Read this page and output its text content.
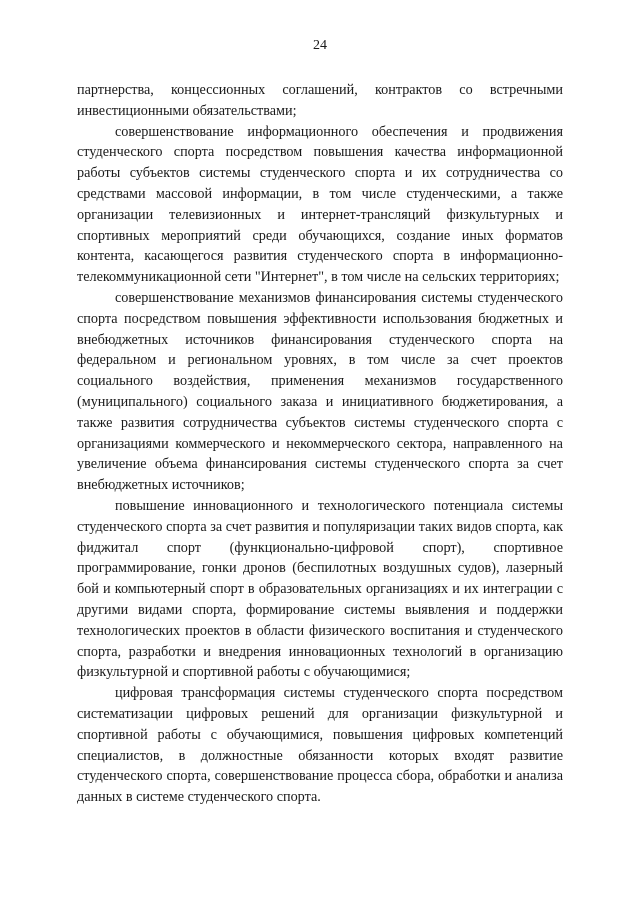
24

партнерства, концессионных соглашений, контрактов со встречными инвестиционными обязательствами;

совершенствование информационного обеспечения и продвижения студенческого спорта посредством повышения качества информационной работы субъектов системы студенческого спорта и их сотрудничества со средствами массовой информации, в том числе студенческими, а также организации телевизионных и интернет-трансляций физкультурных и спортивных мероприятий среди обучающихся, создание иных форматов контента, касающегося развития студенческого спорта в информационно-телекоммуникационной сети "Интернет", в том числе на сельских территориях;

совершенствование механизмов финансирования системы студенческого спорта посредством повышения эффективности использования бюджетных и внебюджетных источников финансирования студенческого спорта на федеральном и региональном уровнях, в том числе за счет проектов социального воздействия, применения механизмов государственного (муниципального) социального заказа и инициативного бюджетирования, а также развития сотрудничества субъектов системы студенческого спорта с организациями коммерческого и некоммерческого сектора, направленного на увеличение объема финансирования системы студенческого спорта за счет внебюджетных источников;

повышение инновационного и технологического потенциала системы студенческого спорта за счет развития и популяризации таких видов спорта, как фиджитал спорт (функционально-цифровой спорт), спортивное программирование, гонки дронов (беспилотных воздушных судов), лазерный бой и компьютерный спорт в образовательных организациях и их интеграции с другими видами спорта, формирование системы выявления и поддержки технологических проектов в области физического воспитания и студенческого спорта, разработки и внедрения инновационных технологий в организацию физкультурной и спортивной работы с обучающимися;

цифровая трансформация системы студенческого спорта посредством систематизации цифровых решений для организации физкультурной и спортивной работы с обучающимися, повышения цифровых компетенций специалистов, в должностные обязанности которых входят развитие студенческого спорта, совершенствование процесса сбора, обработки и анализа данных в системе студенческого спорта.
